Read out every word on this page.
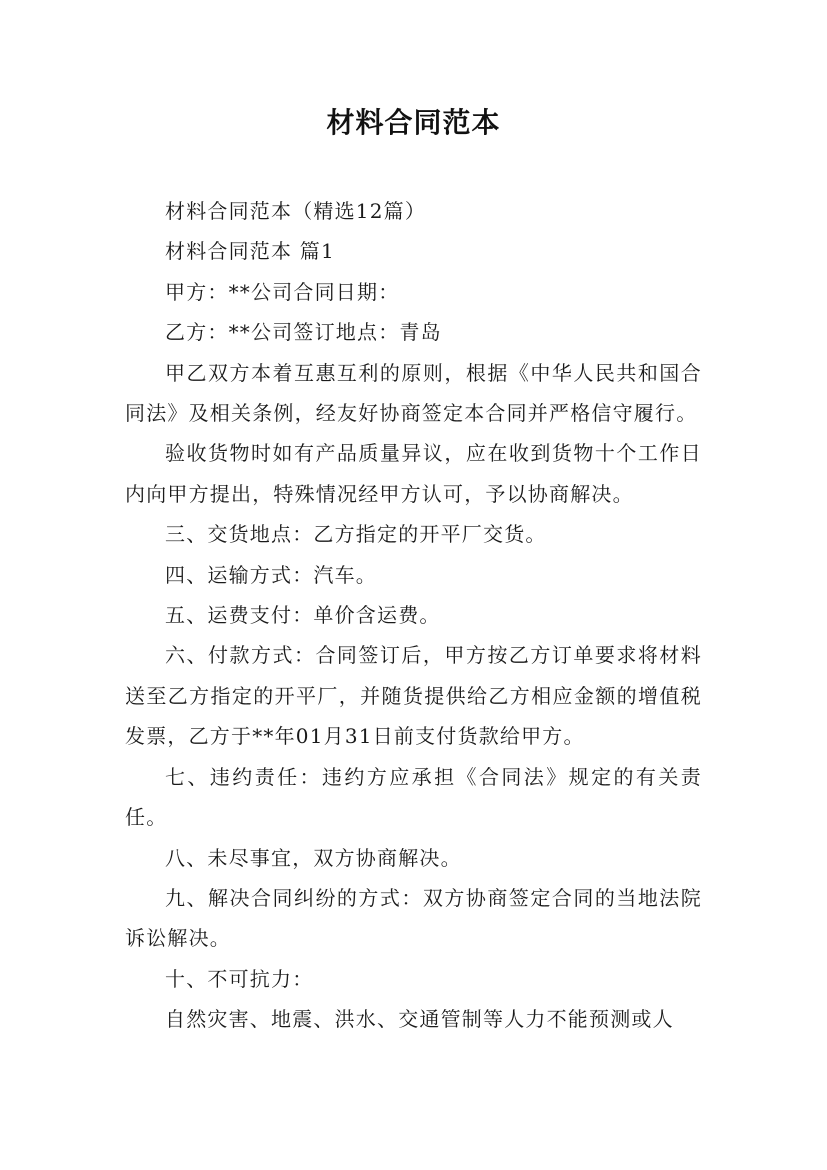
材料合同范本

材料合同范本（精选12篇）

材料合同范本 篇1

甲方：**公司合同日期：

乙方：**公司签订地点：青岛

甲乙双方本着互惠互利的原则，根据《中华人民共和国合同法》及相关条例，经友好协商签定本合同并严格信守履行。

验收货物时如有产品质量异议，应在收到货物十个工作日内向甲方提出，特殊情况经甲方认可，予以协商解决。

三、交货地点：乙方指定的开平厂交货。

四、运输方式：汽车。

五、运费支付：单价含运费。

六、付款方式：合同签订后，甲方按乙方订单要求将材料送至乙方指定的开平厂，并随货提供给乙方相应金额的增值税发票，乙方于**年01月31日前支付货款给甲方。

七、违约责任：违约方应承担《合同法》规定的有关责任。

八、未尽事宜，双方协商解决。

九、解决合同纠纷的方式：双方协商签定合同的当地法院诉讼解决。

十、不可抗力：

自然灾害、地震、洪水、交通管制等人力不能预测或人
